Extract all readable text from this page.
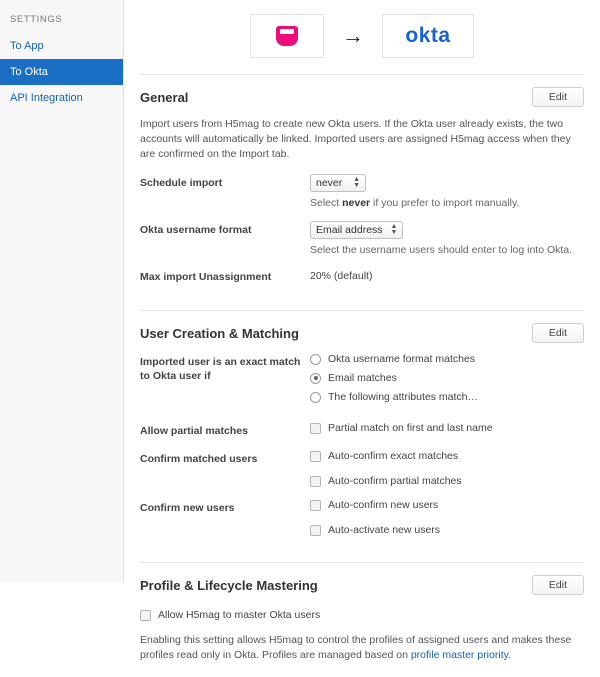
SETTINGS
To App
To Okta
API Integration
→ okta
General	Edit
Import users from H5mag to create new Okta users. If the Okta user already exists, the two accounts will automatically be linked. Imported users are assigned H5mag access when they are confirmed on the Import tab.
Schedule import	never ▲
▼
Select never if you prefer to import manually.
Okta username format	Email address ▲
▼
Select the username users should enter to log into Okta.
Max import Unassignment	20% (default)
User Creation & Matching	Edit
Imported user is an exact match to Okta user if
Okta username format matches
Email matches
The following attributes match…
Allow partial matches	Partial match on first and last name
Confirm matched users	Auto-confirm exact matches
Auto-confirm partial matches
Confirm new users	Auto-confirm new users
Auto-activate new users
Profile & Lifecycle Mastering	Edit
Allow H5mag to master Okta users
Enabling this setting allows H5mag to control the profiles of assigned users and makes these profiles read only in Okta. Profiles are managed based on profile master priority.
